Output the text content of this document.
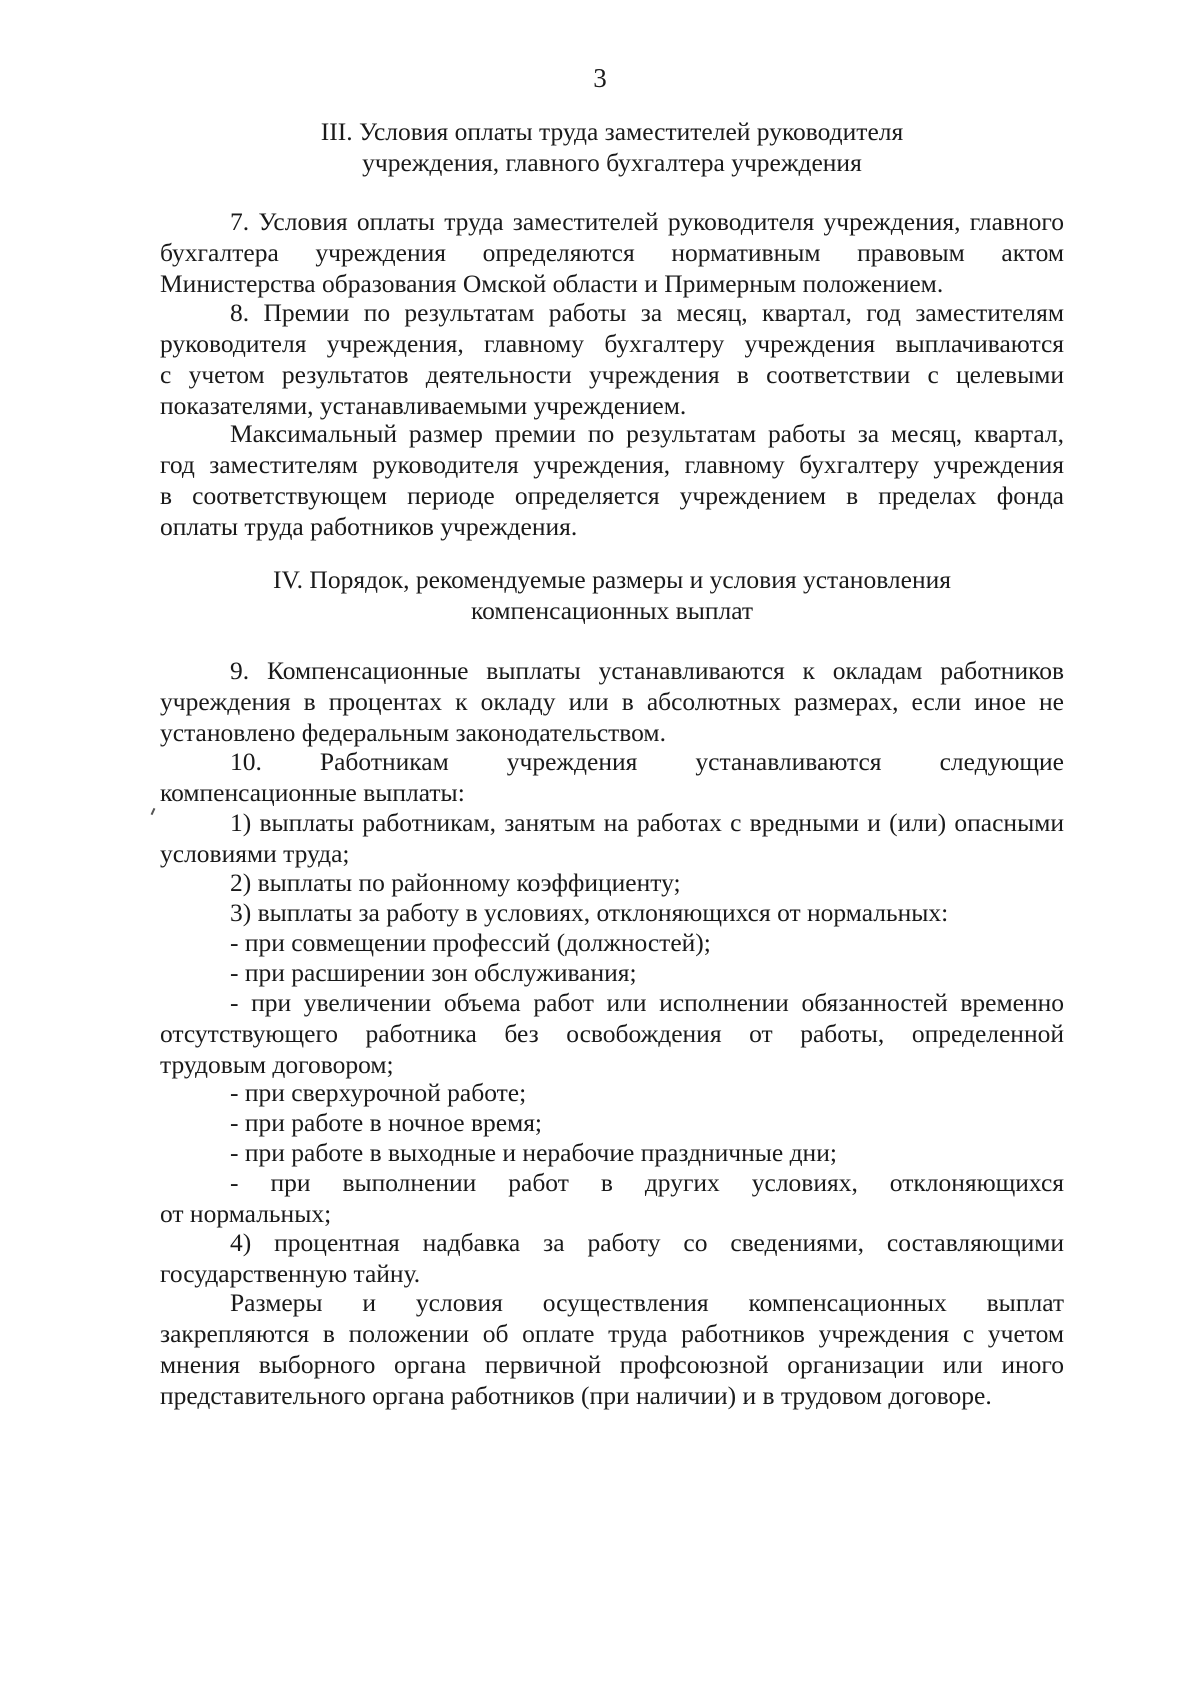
3
III. Условия оплаты труда заместителей руководителя
учреждения, главного бухгалтера учреждения
7. Условия оплаты труда заместителей руководителя учреждения, главного
бухгалтера учреждения определяются нормативным правовым актом
Министерства образования Омской области и Примерным положением.
8. Премии по результатам работы за месяц, квартал, год заместителям
руководителя учреждения, главному бухгалтеру учреждения выплачиваются
с учетом результатов деятельности учреждения в соответствии с целевыми
показателями, устанавливаемыми учреждением.
Максимальный размер премии по результатам работы за месяц, квартал,
год заместителям руководителя учреждения, главному бухгалтеру учреждения
в соответствующем периоде определяется учреждением в пределах фонда
оплаты труда работников учреждения.
IV. Порядок, рекомендуемые размеры и условия установления
компенсационных выплат
9. Компенсационные выплаты устанавливаются к окладам работников
учреждения в процентах к окладу или в абсолютных размерах, если иное не
установлено федеральным законодательством.
10. Работникам учреждения устанавливаются следующие
компенсационные выплаты:
1) выплаты работникам, занятым на работах с вредными и (или) опасными
условиями труда;
2) выплаты по районному коэффициенту;
3) выплаты за работу в условиях, отклоняющихся от нормальных:
- при совмещении профессий (должностей);
- при расширении зон обслуживания;
- при увеличении объема работ или исполнении обязанностей временно
отсутствующего работника без освобождения от работы, определенной
трудовым договором;
- при сверхурочной работе;
- при работе в ночное время;
- при работе в выходные и нерабочие праздничные дни;
- при выполнении работ в других условиях, отклоняющихся
от нормальных;
4) процентная надбавка за работу со сведениями, составляющими
государственную тайну.
Размеры и условия осуществления компенсационных выплат
закрепляются в положении об оплате труда работников учреждения с учетом
мнения выборного органа первичной профсоюзной организации или иного
представительного органа работников (при наличии) и в трудовом договоре.
